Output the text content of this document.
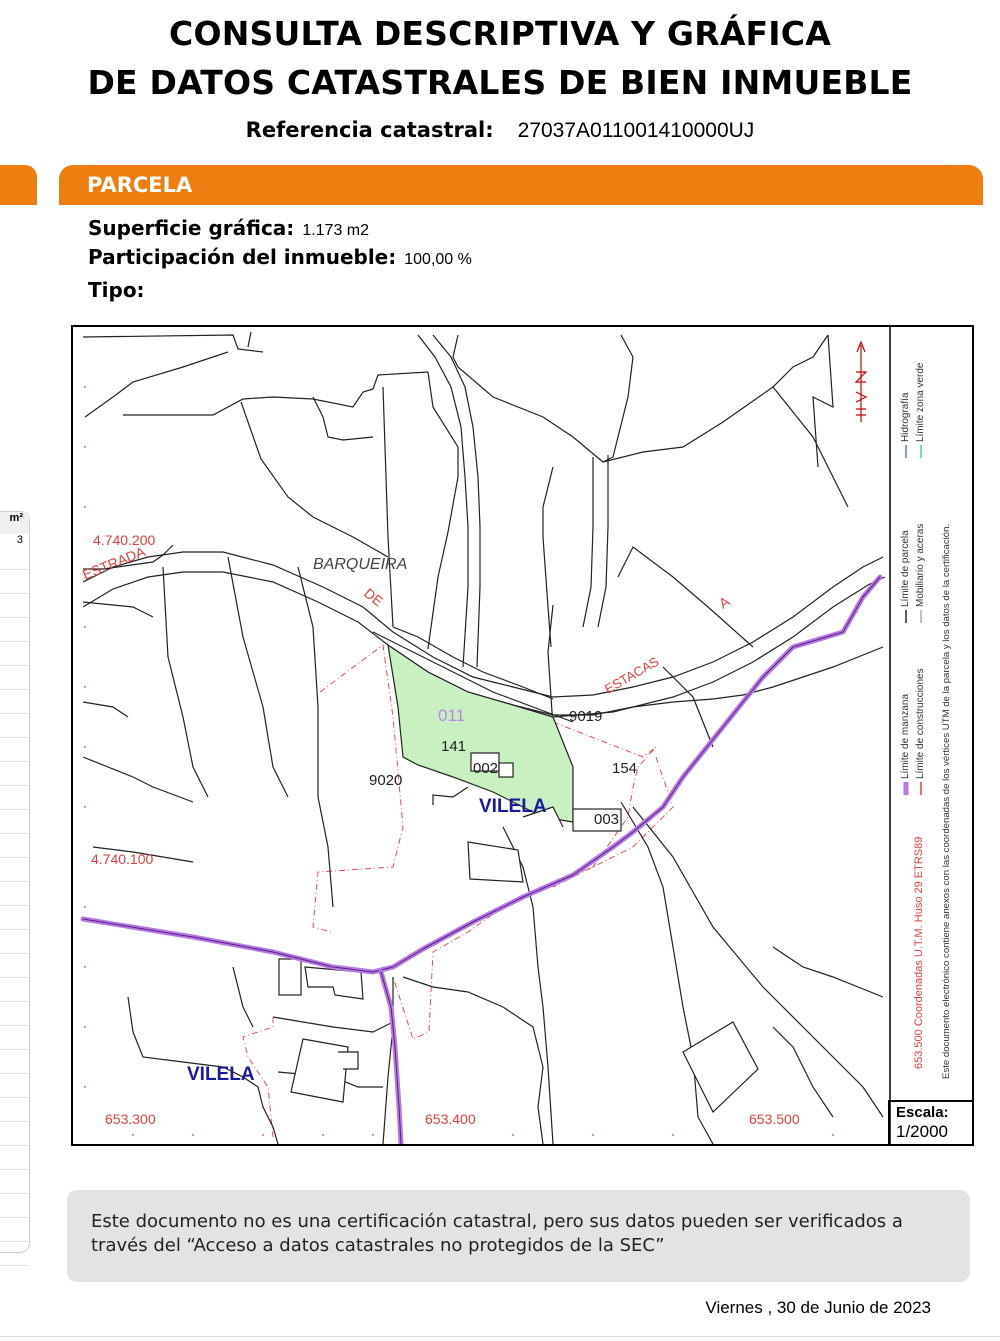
CONSULTA DESCRIPTIVA Y GRÁFICA
DE DATOS CATASTRALES DE BIEN INMUEBLE
Referencia catastral: 27037A011001410000UJ
m²
3
PARCELA
Superficie gráfica: 1.173 m2
Participación del inmueble: 100,00 %
Tipo:
4.740.200
4.740.100
653.300	653.400	653.500
ESTRADA
DE
ESTACAS
A
BARQUEIRA
011
141
002
9020
9019
154
003
VILELA
VILELA
Límite de manzana
Límite de parcela
Hidrografía
Límite de construcciones
Mobiliario y aceras
Límite zona verde
653.500 Coordenadas U.T.M. Huso 29 ETRS89 Este documento electrónico contiene anexos con las coordenadas de los vértices UTM de la parcela y los datos de la certificación.
Escala:
1/2000

Este documento no es una certificación catastral, pero sus datos pueden ser verificados a través del “Acceso a datos catastrales no protegidos de la SEC”

Viernes , 30 de Junio de 2023
